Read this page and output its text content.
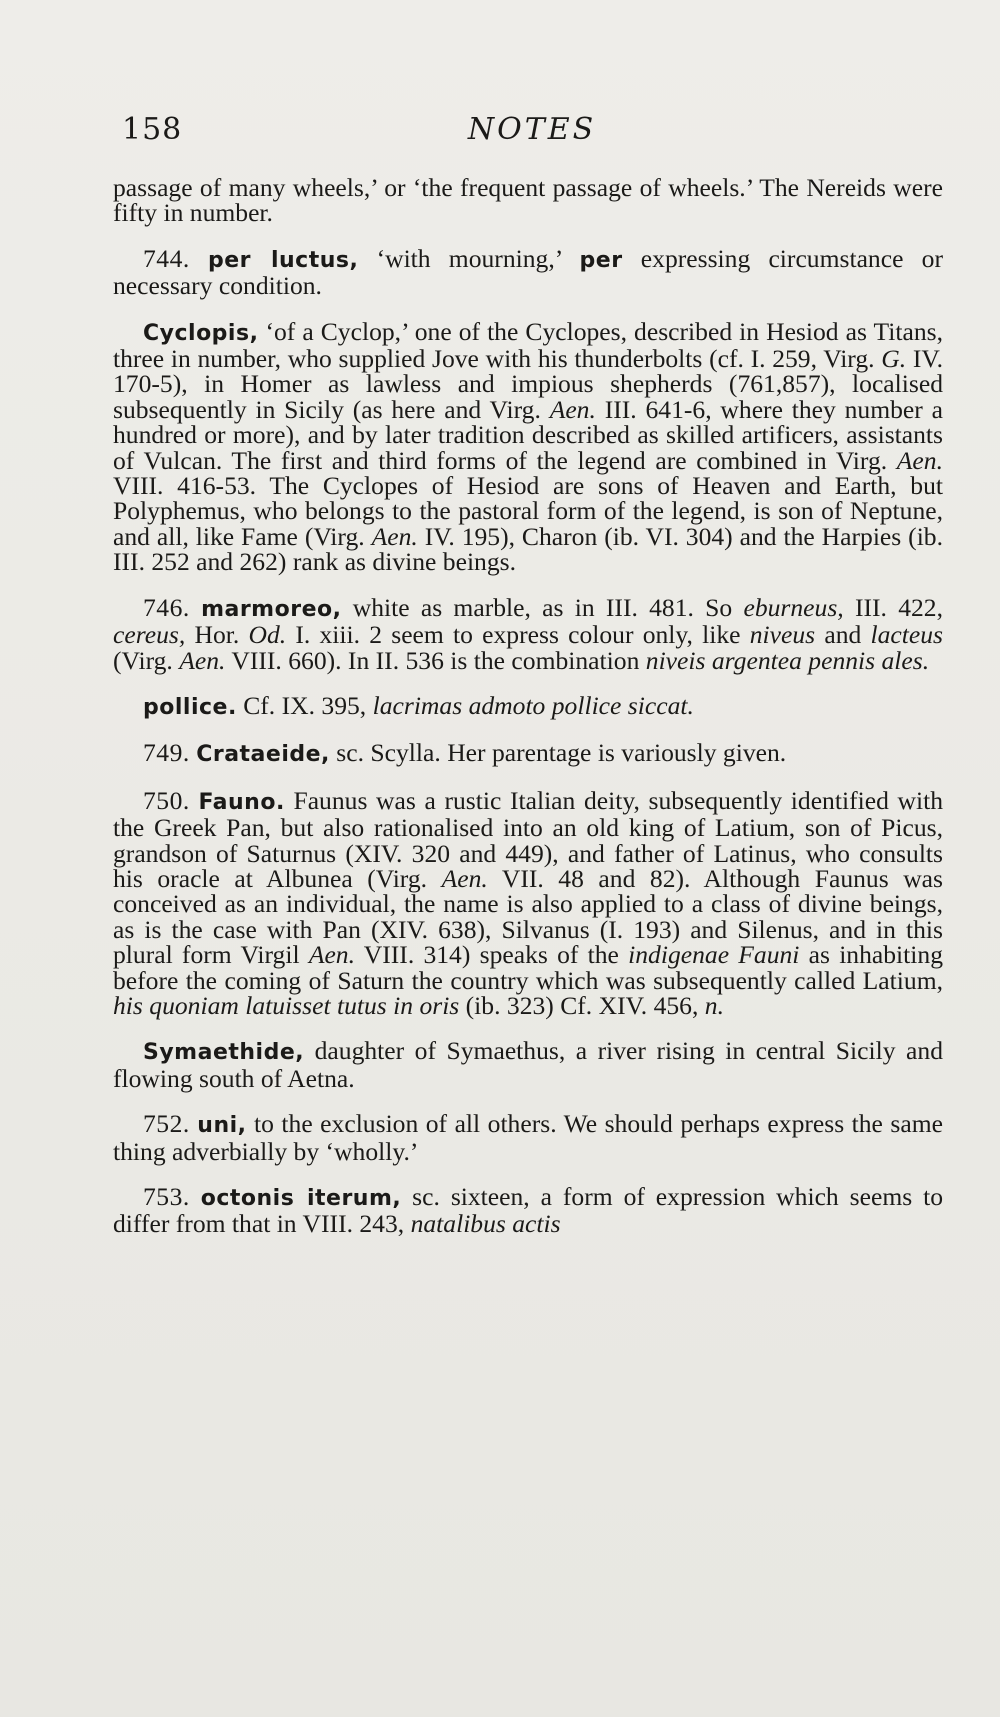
158	NOTES

passage of many wheels,’ or ‘the frequent passage of wheels.’ The Nereids were fifty in number.

744. per luctus, ‘with mourning,’ per expressing circumstance or necessary condition.

Cyclopis, ‘of a Cyclop,’ one of the Cyclopes, described in Hesiod as Titans, three in number, who supplied Jove with his thunderbolts (cf. I. 259, Virg. G. IV. 170-5), in Homer as lawless and impious shepherds (761,857), localised subsequently in Sicily (as here and Virg. Aen. III. 641-6, where they number a hundred or more), and by later tradition described as skilled artificers, assistants of Vulcan. The first and third forms of the legend are combined in Virg. Aen. VIII. 416-53. The Cyclopes of Hesiod are sons of Heaven and Earth, but Polyphemus, who belongs to the pastoral form of the legend, is son of Neptune, and all, like Fame (Virg. Aen. IV. 195), Charon (ib. VI. 304) and the Harpies (ib. III. 252 and 262) rank as divine beings.

746. marmoreo, white as marble, as in III. 481. So eburneus, III. 422, cereus, Hor. Od. I. xiii. 2 seem to express colour only, like niveus and lacteus (Virg. Aen. VIII. 660). In II. 536 is the combination niveis argentea pennis ales.

pollice. Cf. IX. 395, lacrimas admoto pollice siccat.

749. Crataeide, sc. Scylla. Her parentage is variously given.

750. Fauno. Faunus was a rustic Italian deity, subsequently identified with the Greek Pan, but also rationalised into an old king of Latium, son of Picus, grandson of Saturnus (XIV. 320 and 449), and father of Latinus, who consults his oracle at Albunea (Virg. Aen. VII. 48 and 82). Although Faunus was conceived as an individual, the name is also applied to a class of divine beings, as is the case with Pan (XIV. 638), Silvanus (I. 193) and Silenus, and in this plural form Virgil Aen. VIII. 314) speaks of the indigenae Fauni as inhabiting before the coming of Saturn the country which was subsequently called Latium, his quoniam latuisset tutus in oris (ib. 323) Cf. XIV. 456, n.

Symaethide, daughter of Symaethus, a river rising in central Sicily and flowing south of Aetna.

752. uni, to the exclusion of all others. We should perhaps express the same thing adverbially by ‘wholly.’

753. octonis iterum, sc. sixteen, a form of expression which seems to differ from that in VIII. 243, natalibus actis
